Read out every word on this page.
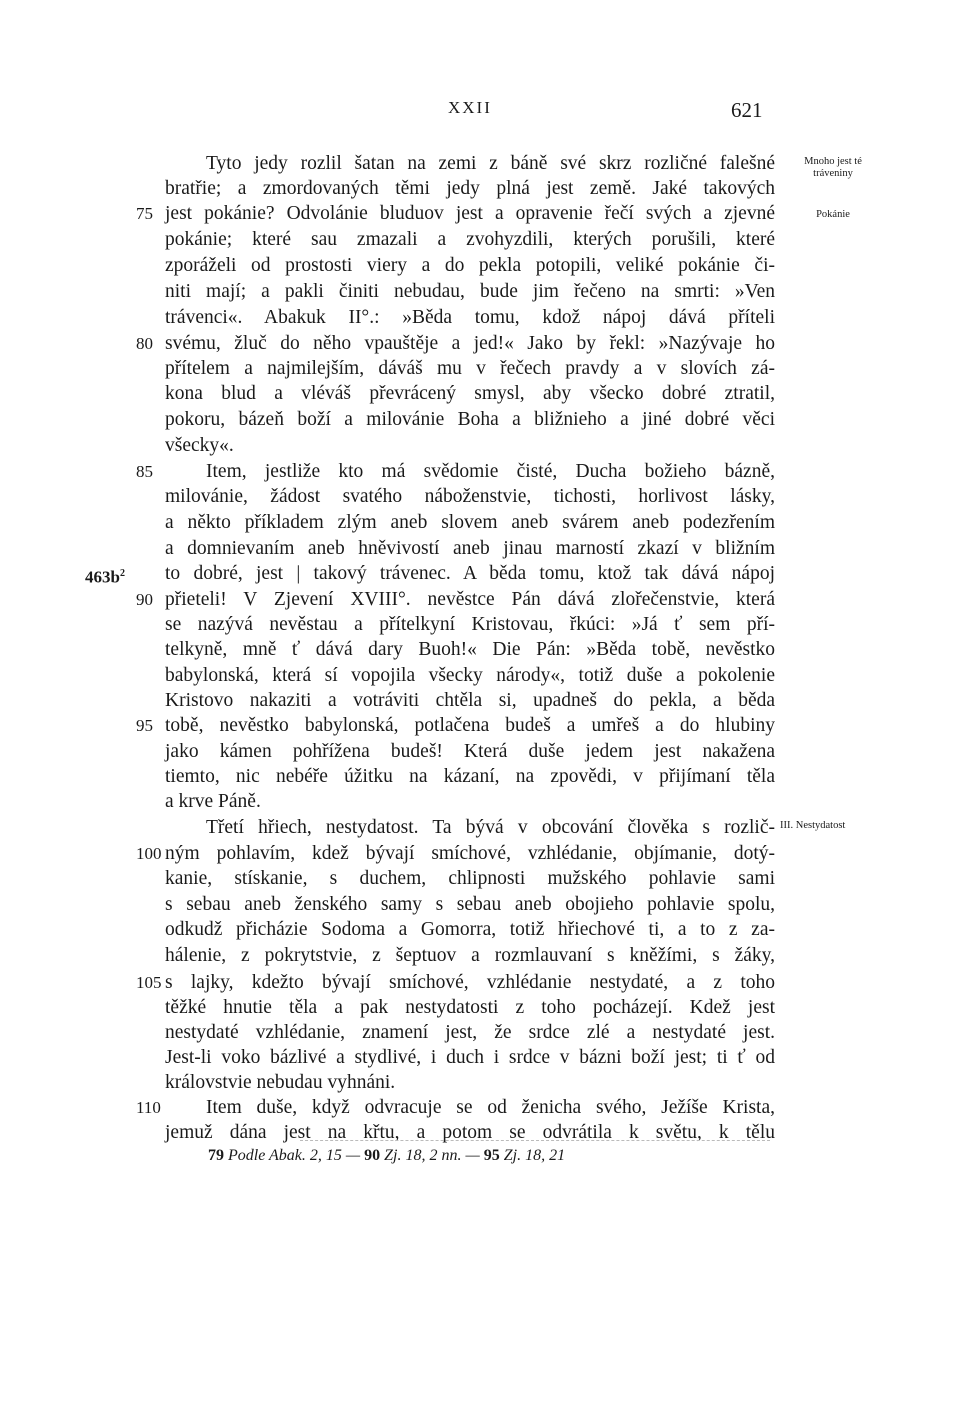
XXII	621
Mnoho jest té tráveniny
Pokánie
III. Nestydatost
$463b^2$
75
80
85
90
95
100
105
110
Tyto jedy rozlil šatan na zemi z báně své skrz rozličné falešné
bratřie; a zmordovaných těmi jedy plná jest země. Jaké takových
jest pokánie? Odvolánie bluduov jest a opravenie řečí svých a zjevné
pokánie; které sau zmazali a zvohyzdili, kterých porušili, které
zporáželi od prostosti viery a do pekla potopili, veliké pokánie či-
niti mají; a pakli činiti nebudau, bude jim řečeno na smrti: »Ven
trávenci«. Abakuk II°.: »Běda tomu, kdož nápoj dává příteli
svému, žluč do něho vpauštěje a jed!« Jako by řekl: »Nazývaje ho
přítelem a najmilejším, dáváš mu v řečech pravdy a v slovích zá-
kona blud a vléváš převrácený smysl, aby všecko dobré ztratil,
pokoru, bázeň boží a milovánie Boha a bližnieho a jiné dobré věci
všecky«.
Item, jestliže kto má svědomie čisté, Ducha božieho bázně,
milovánie, žádost svatého náboženstvie, tichosti, horlivost lásky,
a někto příkladem zlým aneb slovem aneb svárem aneb podezřením
a domnievaním aneb hněvivostí aneb jinau marností zkazí v bližním
to dobré, jest | takový trávenec. A běda tomu, ktož tak dává nápoj
přieteli! V Zjevení XVIII°. nevěstce Pán dává zlořečenstvie, která
se nazývá nevěstau a přítelkyní Kristovau, řkúci: »Já ť sem pří-
telkyně, mně ť dává dary Buoh!« Die Pán: »Běda tobě, nevěstko
babylonská, která sí vopojila všecky národy«, totiž duše a pokolenie
Kristovo nakaziti a votráviti chtěla si, upadneš do pekla, a běda
tobě, nevěstko babylonská, potlačena budeš a umřeš a do hlubiny
jako kámen pohřížena budeš! Která duše jedem jest nakažena
tiemto, nic nebéře úžitku na kázaní, na zpovědi, v přijímaní těla
a krve Páně.
Třetí hřiech, nestydatost. Ta bývá v obcování člověka s rozlič-
ným pohlavím, kdež bývají smíchové, vzhlédanie, objímanie, dotý-
kanie, stískanie, s duchem, chlipnosti mužského pohlavie sami
s sebau aneb ženského samy s sebau aneb obojieho pohlavie spolu,
odkudž přicházie Sodoma a Gomorra, totiž hřiechové ti, a to z za-
hálenie, z pokrytstvie, z šeptuov a rozmlauvaní s kněžími, s žáky,
s lajky, kdežto bývají smíchové, vzhlédanie nestydaté, a z toho
těžké hnutie těla a pak nestydatosti z toho pocházejí. Kdež jest
nestydaté vzhlédanie, znamení jest, že srdce zlé a nestydaté jest.
Jest-li voko bázlivé a stydlivé, i duch i srdce v bázni boží jest; ti ť od
královstvie nebudau vyhnáni.
Item duše, když odvracuje se od ženicha svého, Ježíše Krista,
jemuž dána jest na křtu, a potom se odvrátila k světu, k tělu
79 Podle Abak. 2, 15 — 90 Zj. 18, 2 nn. — 95 Zj. 18, 21
